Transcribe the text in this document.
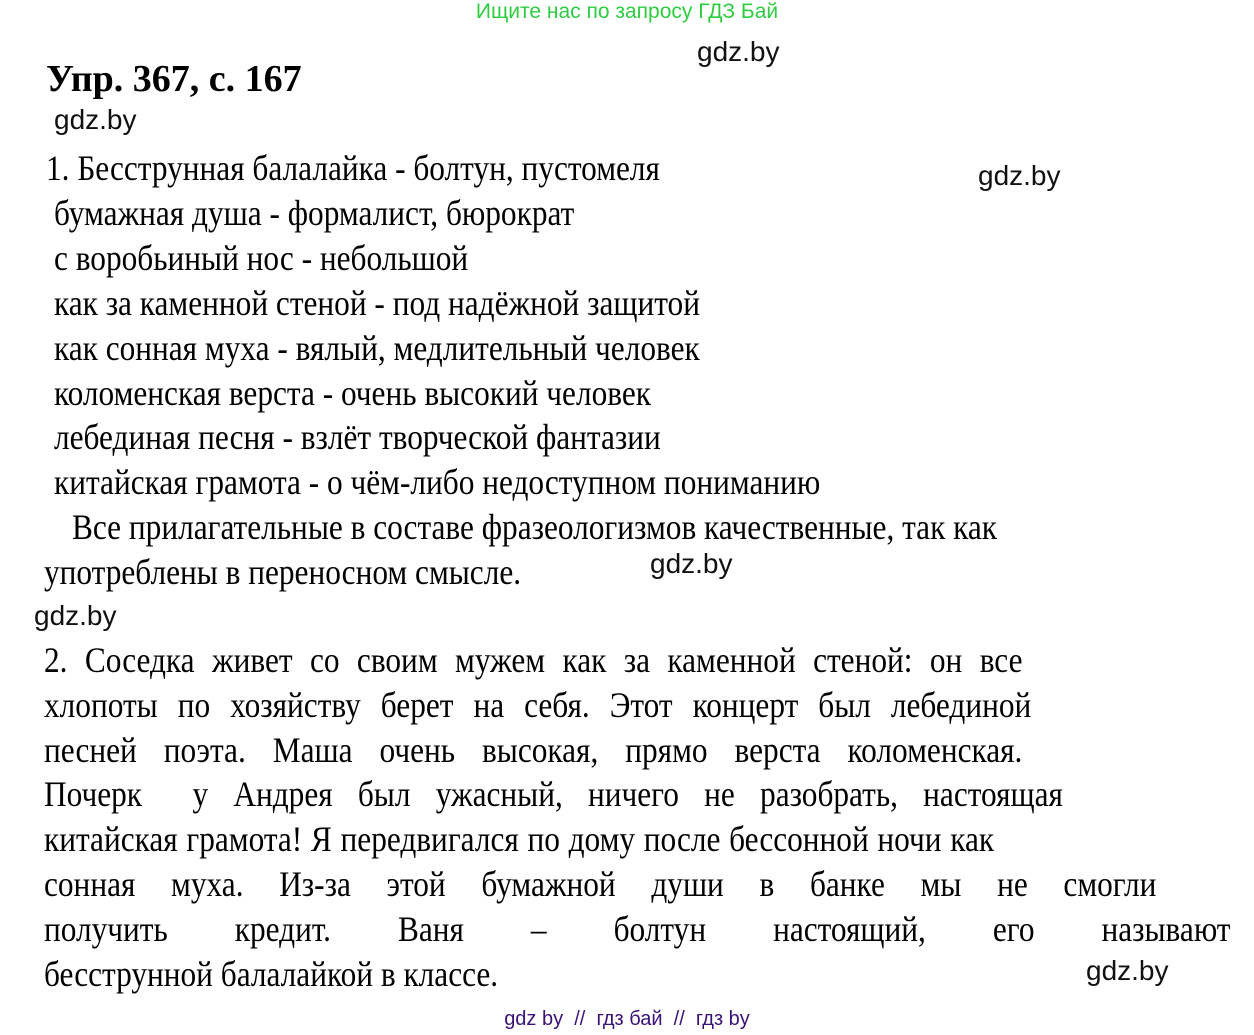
Ищите нас по запросу ГДЗ Бай
gdz.by
Упр. 367, с. 167
gdz.by
gdz.by
1. Бесструнная балалайка - болтун, пустомеля
бумажная душа - формалист, бюрократ
с воробьиный нос - небольшой
как за каменной стеной - под надёжной защитой
как сонная муха - вялый, медлительный человек
коломенская верста - очень высокий человек
лебединая песня - взлёт творческой фантазии
китайская грамота - о чём-либо недоступном пониманию
Все прилагательные в составе фразеологизмов качественные, так как
употреблены в переносном смысле.	gdz.by
gdz.by
2. Соседка живет со своим мужем как за каменной стеной: он все
хлопоты по хозяйству берет на себя. Этот концерт был лебединой
песней поэта. Маша очень высокая, прямо верста коломенская.
Почерк  у Андрея был ужасный, ничего не разобрать, настоящая
китайская грамота! Я передвигался по дому после бессонной ночи как
сонная муха. Из-за этой бумажной души в банке мы не смогли
получить кредит. Ваня – болтун настоящий, его называют
бесструнной балалайкой в классе.	gdz.by
gdz by  //  гдз бай  //  гдз by
